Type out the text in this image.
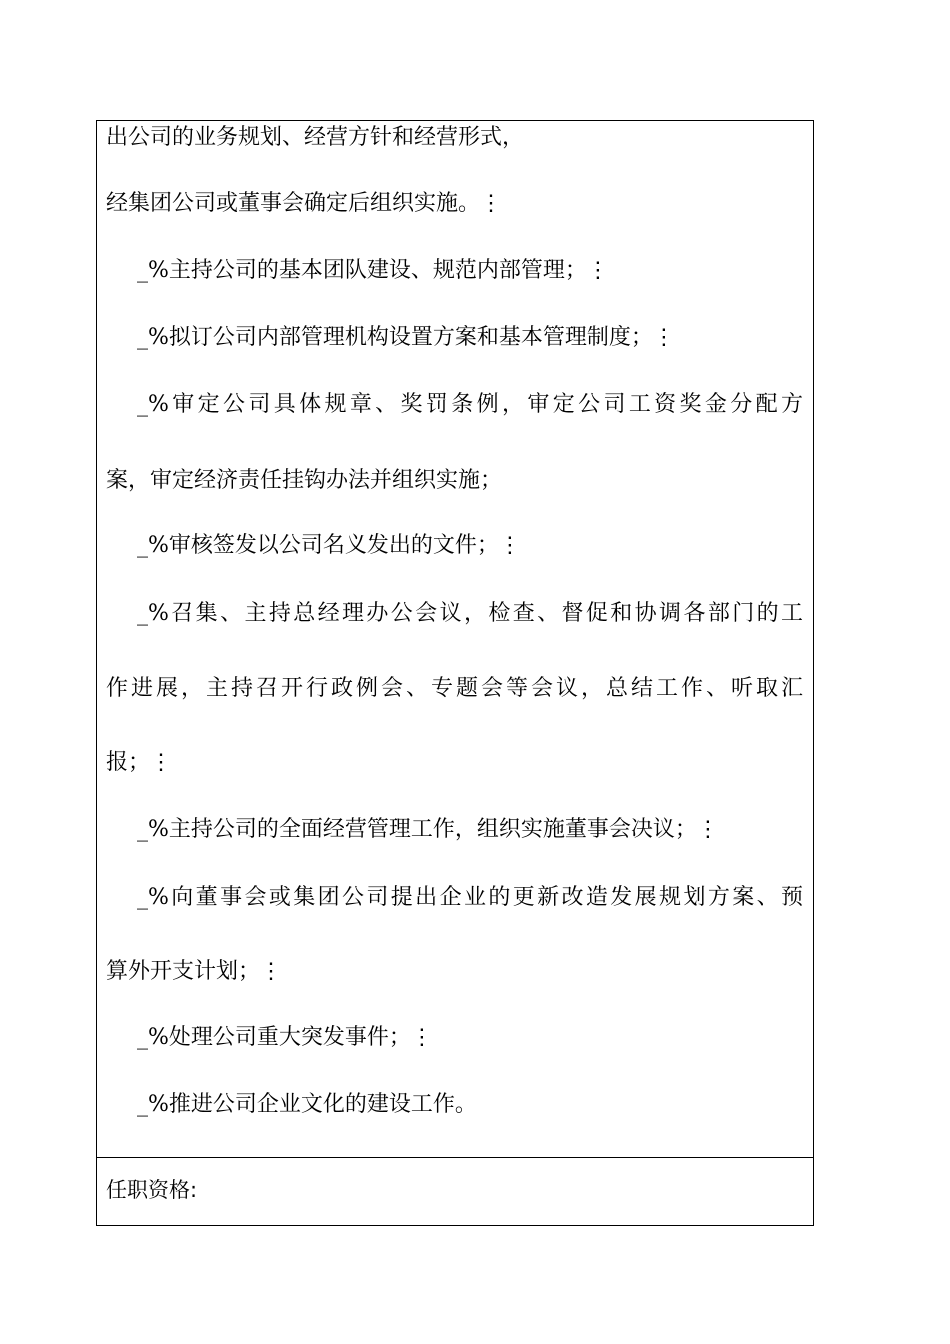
出公司的业务规划、经营方针和经营形式，
经集团公司或董事会确定后组织实施。⋮
_%主持公司的基本团队建设、规范内部管理；⋮
_%拟订公司内部管理机构设置方案和基本管理制度；⋮
_%审定公司具体规章、奖罚条例，审定公司工资奖金分配方
案，审定经济责任挂钩办法并组织实施；
_%审核签发以公司名义发出的文件；⋮
_%召集、主持总经理办公会议，检查、督促和协调各部门的工
作进展，主持召开行政例会、专题会等会议，总结工作、听取汇
报；⋮
_%主持公司的全面经营管理工作，组织实施董事会决议；⋮
_%向董事会或集团公司提出企业的更新改造发展规划方案、预
算外开支计划；⋮
_%处理公司重大突发事件；⋮
_%推进公司企业文化的建设工作。
任职资格:
